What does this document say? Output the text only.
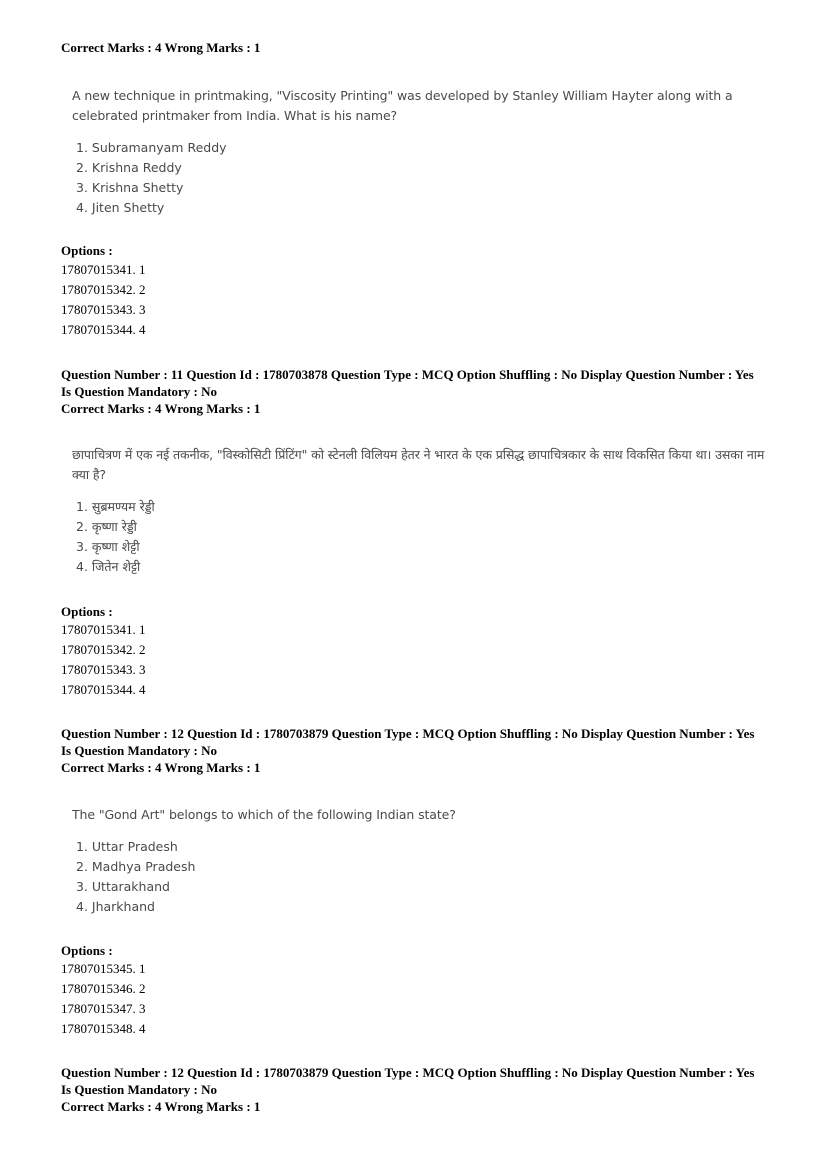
Correct Marks : 4 Wrong Marks : 1
A new technique in printmaking, "Viscosity Printing" was developed by Stanley William Hayter along with a celebrated printmaker from India. What is his name?
1. Subramanyam Reddy
2. Krishna Reddy
3. Krishna Shetty
4. Jiten Shetty
Options :
17807015341. 1
17807015342. 2
17807015343. 3
17807015344. 4
Question Number : 11 Question Id : 1780703878 Question Type : MCQ Option Shuffling : No Display Question Number : Yes
Is Question Mandatory : No
Correct Marks : 4 Wrong Marks : 1
छापाचित्रण में एक नई तकनीक, "विस्कोसिटी प्रिंटिंग" को स्टेनली विलियम हेतर ने भारत के एक प्रसिद्ध छापाचित्रकार के साथ विकसित किया था। उसका नाम क्या है?
1. सुब्रमण्यम रेड्डी
2. कृष्णा रेड्डी
3. कृष्णा शेट्टी
4. जितेन शेट्टी
Options :
17807015341. 1
17807015342. 2
17807015343. 3
17807015344. 4
Question Number : 12 Question Id : 1780703879 Question Type : MCQ Option Shuffling : No Display Question Number : Yes
Is Question Mandatory : No
Correct Marks : 4 Wrong Marks : 1
The "Gond Art" belongs to which of the following Indian state?
1. Uttar Pradesh
2. Madhya Pradesh
3. Uttarakhand
4. Jharkhand
Options :
17807015345. 1
17807015346. 2
17807015347. 3
17807015348. 4
Question Number : 12 Question Id : 1780703879 Question Type : MCQ Option Shuffling : No Display Question Number : Yes
Is Question Mandatory : No
Correct Marks : 4 Wrong Marks : 1
